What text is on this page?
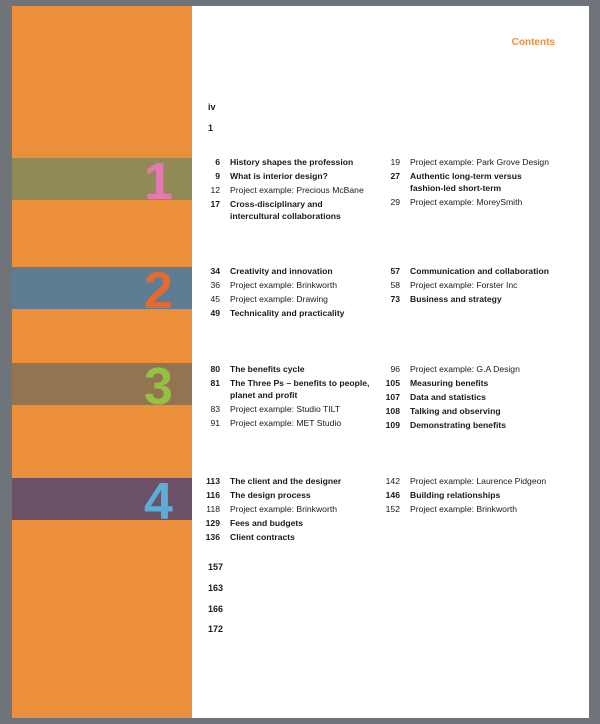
Contents
About the author & Acknowledgements
iv
Introduction
1
Defining Interiors
1	6 History shapes the profession
9 What is interior design?
12 Project example: Precious McBane
17 Cross-disciplinary and intercultural collaborations
19 Project example: Park Grove Design
27 Authentic long-term versus fashion-led short-term
29 Project example: MoreySmith
The Toolkit
2	34 Creativity and innovation
36 Project example: Brinkworth
45 Project example: Drawing
49 Technicality and practicality
57 Communication and collaboration
58 Project example: Forster Inc
73 Business and strategy
The Benefits of Interior Design
3	80 The benefits cycle
81 The Three Ps – benefits to people, planet and profit
83 Project example: Studio TILT
91 Project example: MET Studio
96 Project example: G.A Design
105 Measuring benefits
107 Data and statistics
108 Talking and observing
109 Demonstrating benefits
The Client-Designer Relationship
4	113 The client and the designer
116 The design process
118 Project example: Brinkworth
129 Fees and budgets
136 Client contracts
142 Project example: Laurence Pidgeon
146 Building relationships
152 Project example: Brinkworth
End Notes
157
Bibliography
163
Index
166
Image credits
172
